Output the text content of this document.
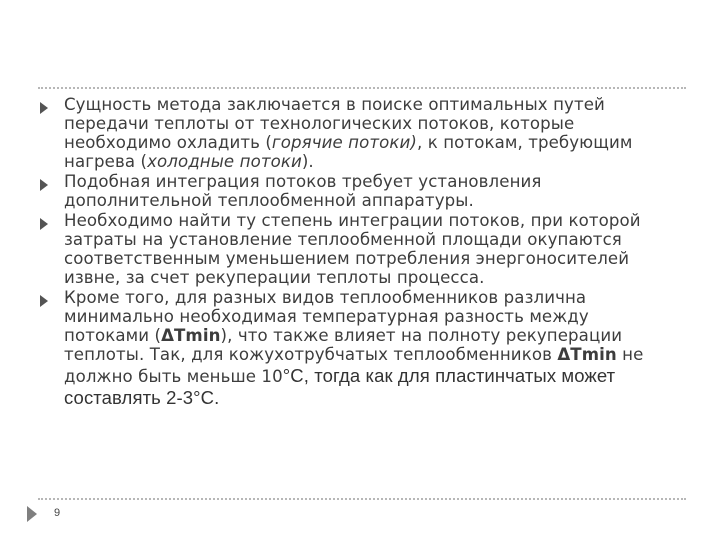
Сущность метода заключается в поиске оптимальных путей передачи теплоты от технологических потоков, которые необходимо охладить (горячие потоки), к потокам, требующим нагрева (холодные потоки).
Подобная интеграция потоков требует установления дополнительной теплообменной аппаратуры.
Необходимо найти ту степень интеграции потоков, при которой затраты на установление теплообменной площади окупаются соответственным уменьшением потребления энергоносителей извне, за счет рекуперации теплоты процесса.
Кроме того, для разных видов теплообменников различна минимально необходимая температурная разность между потоками (ΔTmin), что также влияет на полноту рекуперации теплоты. Так, для кожухотрубчатых теплообменников ΔTmin не должно быть меньше 10°С, тогда как для пластинчатых может составлять 2-3°С.
9
